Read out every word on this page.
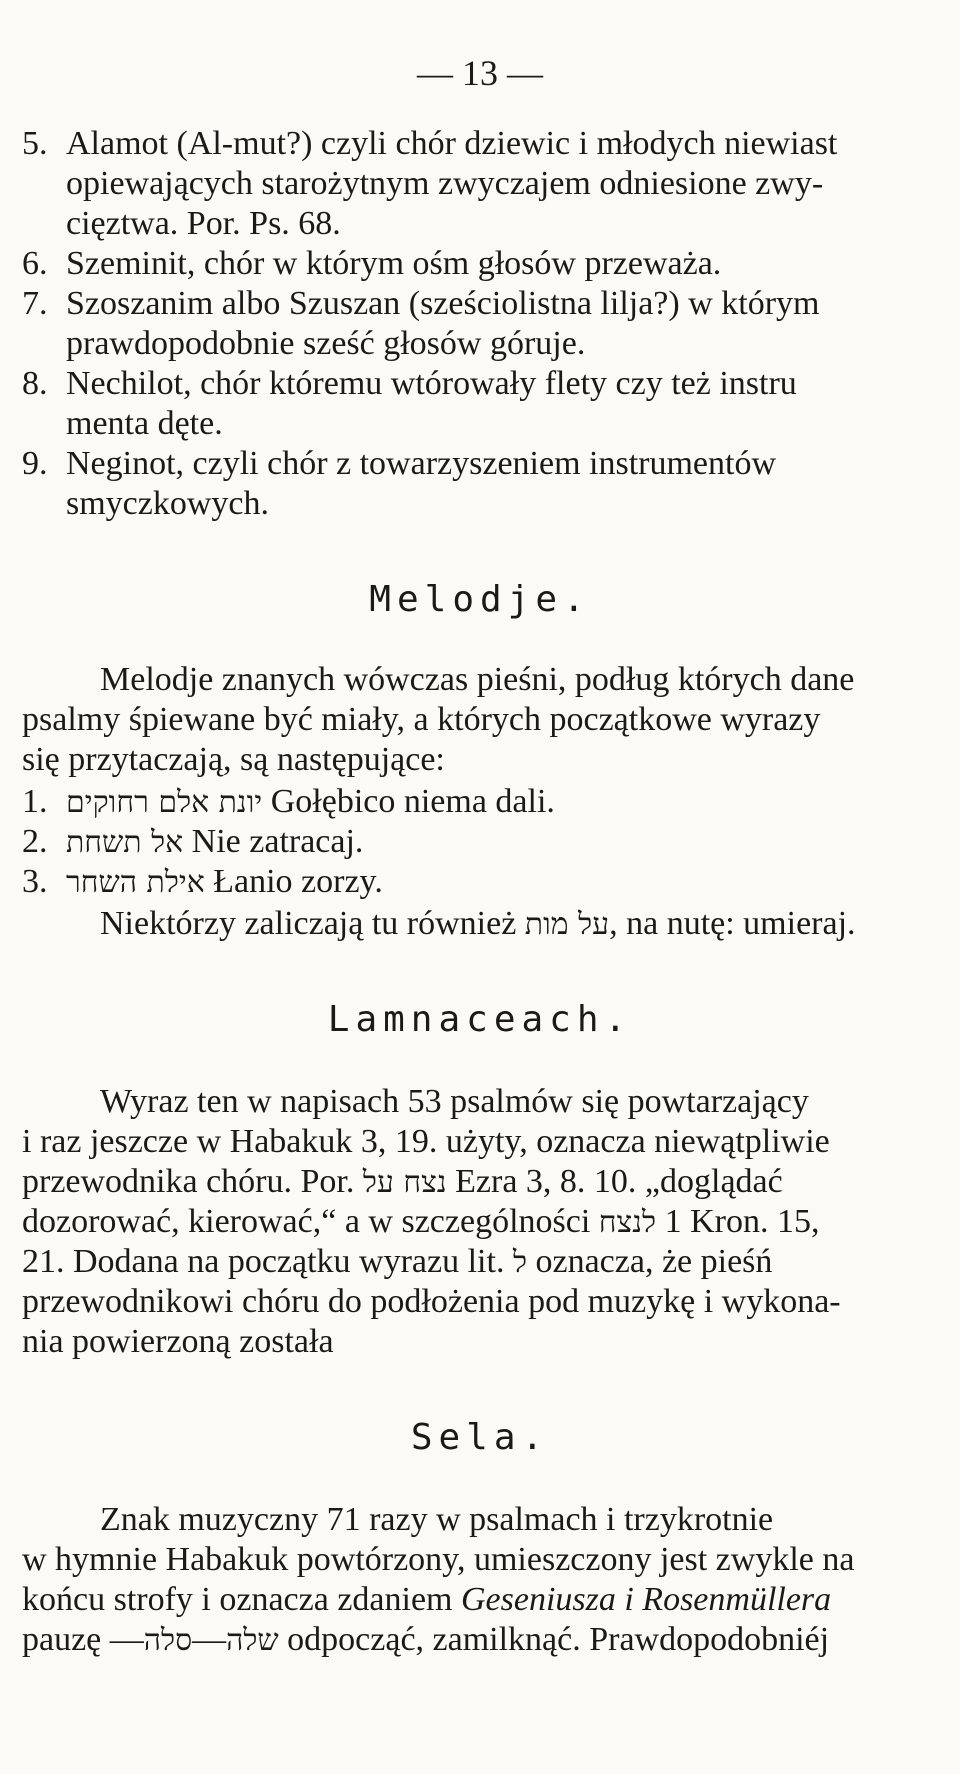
— 13 —
5. Alamot (Al-mut?) czyli chór dziewic i młodych niewiast
opiewających starożytnym zwyczajem odniesione zwy-
cięztwa. Por. Ps. 68.
6. Szeminit, chór w którym ośm głosów przeważa.
7. Szoszanim albo Szuszan (sześciolistna lilja?) w którym
prawdopodobnie sześć głosów góruje.
8. Nechilot, chór któremu wtórowały flety czy też instru
menta dęte.
9. Neginot, czyli chór z towarzyszeniem instrumentów
smyczkowych.
Melodje.
Melodje znanych wówczas pieśni, podług których dane
psalmy śpiewane być miały, a których początkowe wyrazy
się przytaczają, są następujące:
1. יונת אלם רחוקים Gołębico niema dali.
2. אל תשחת Nie zatracaj.
3. אילת השחר Łanio zorzy.
Niektórzy zaliczają tu również על מות, na nutę: umieraj.
Lamnaceach.
Wyraz ten w napisach 53 psalmów się powtarzający
i raz jeszcze w Habakuk 3, 19. użyty, oznacza niewątpliwie
przewodnika chóru. Por. נצח על Ezra 3, 8. 10. „doglądać
dozorować, kierować,“ a w szczególności לנצח 1 Kron. 15,
21. Dodana na początku wyrazu lit. ל oznacza, że pieśń
przewodnikowi chóru do podłożenia pod muzykę i wykona-
nia powierzoną została
Sela.
Znak muzyczny 71 razy w psalmach i trzykrotnie
w hymnie Habakuk powtórzony, umieszczony jest zwykle na
końcu strofy i oznacza zdaniem Geseniusza i Rosenmüllera
pauzę —סלה—שלה odpocząć, zamilknąć. Prawdopodobniéj
